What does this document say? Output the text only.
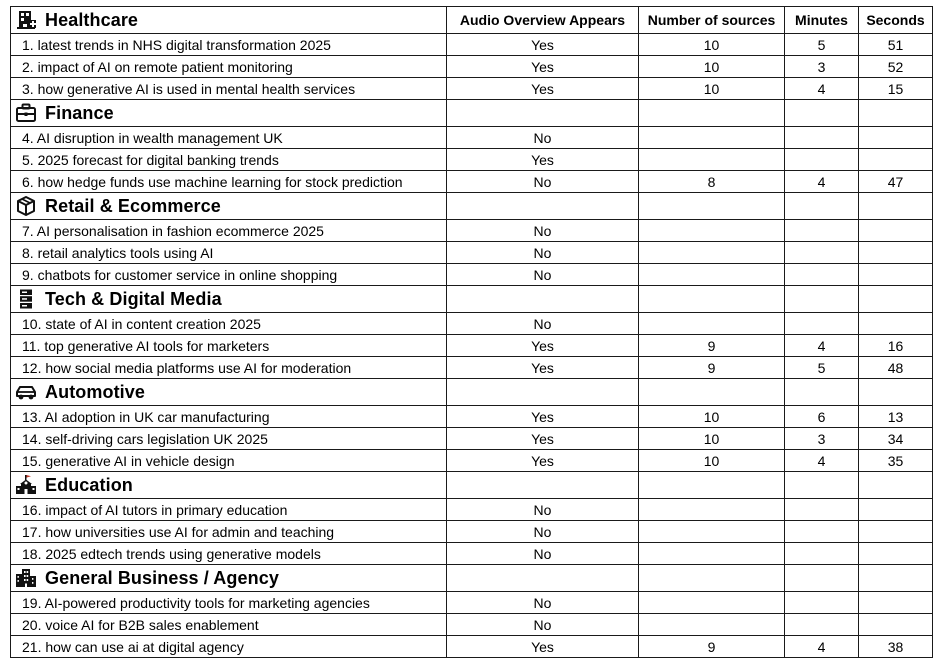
Healthcare	Audio Overview Appears	Number of sources	Minutes	Seconds
1. latest trends in NHS digital transformation 2025	Yes	10	5	51
2. impact of AI on remote patient monitoring	Yes	10	3	52
3. how generative AI is used in mental health services	Yes	10	4	15

Finance				

4. AI disruption in wealth management UK	No			
5. 2025 forecast for digital banking trends	Yes			
6. how hedge funds use machine learning for stock prediction	No	8	4	47

Retail & Ecommerce				

7. AI personalisation in fashion ecommerce 2025	No			
8. retail analytics tools using AI	No			
9. chatbots for customer service in online shopping	No			

Tech & Digital Media				

10. state of AI in content creation 2025	No			
11. top generative AI tools for marketers	Yes	9	4	16
12. how social media platforms use AI for moderation	Yes	9	5	48

Automotive				

13. AI adoption in UK car manufacturing	Yes	10	6	13
14. self-driving cars legislation UK 2025	Yes	10	3	34
15. generative AI in vehicle design	Yes	10	4	35

Education				

16. impact of AI tutors in primary education	No			
17. how universities use AI for admin and teaching	No			
18. 2025 edtech trends using generative models	No			

General Business / Agency				

19. AI-powered productivity tools for marketing agencies	No			
20. voice AI for B2B sales enablement	No			
21. how can use ai at digital agency	Yes	9	4	38
